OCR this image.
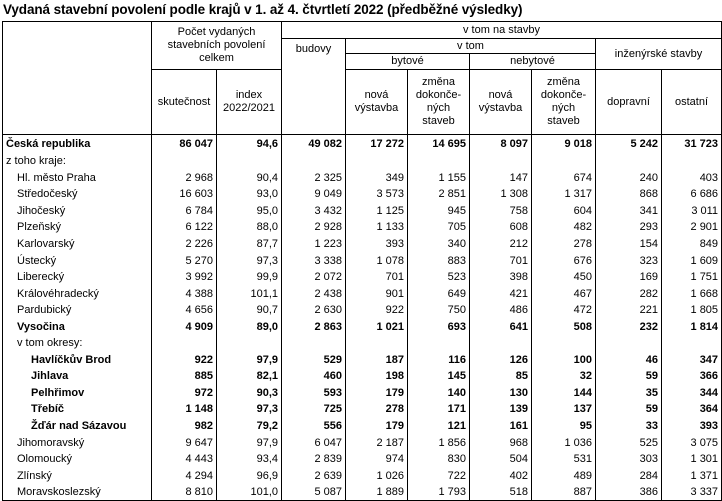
Vydaná stavební povolení podle krajů v 1. až 4. čtvrtletí 2022 (předběžné výsledky)
	Počet vydaných stavebních povolení celkem		v tom na stavby						
			budovy	v tom				inženýrské stavby	
				bytové		nebytové			
	skutečnost	index 2022/2021		nová výstavba	změna dokonče-ných staveb	nová výstavba	změna dokonče-ných staveb	dopravní	ostatní
Česká republika	86 047	94,6	49 082	17 272	14 695	8 097	9 018	5 242	31 723
z toho kraje:									
Hl. město Praha	2 968	90,4	2 325	349	1 155	147	674	240	403
Středočeský	16 603	93,0	9 049	3 573	2 851	1 308	1 317	868	6 686
Jihočeský	6 784	95,0	3 432	1 125	945	758	604	341	3 011
Plzeňský	6 122	88,0	2 928	1 133	705	608	482	293	2 901
Karlovarský	2 226	87,7	1 223	393	340	212	278	154	849
Ústecký	5 270	97,3	3 338	1 078	883	701	676	323	1 609
Liberecký	3 992	99,9	2 072	701	523	398	450	169	1 751
Královéhradecký	4 388	101,1	2 438	901	649	421	467	282	1 668
Pardubický	4 656	90,7	2 630	922	750	486	472	221	1 805
Vysočina	4 909	89,0	2 863	1 021	693	641	508	232	1 814
v tom okresy:									
Havlíčkův Brod	922	97,9	529	187	116	126	100	46	347
Jihlava	885	82,1	460	198	145	85	32	59	366
Pelhřimov	972	90,3	593	179	140	130	144	35	344
Třebíč	1 148	97,3	725	278	171	139	137	59	364
Žďár nad Sázavou	982	79,2	556	179	121	161	95	33	393
Jihomoravský	9 647	97,9	6 047	2 187	1 856	968	1 036	525	3 075
Olomoucký	4 443	93,4	2 839	974	830	504	531	303	1 301
Zlínský	4 294	96,9	2 639	1 026	722	402	489	284	1 371
Moravskoslezský	8 810	101,0	5 087	1 889	1 793	518	887	386	3 337
